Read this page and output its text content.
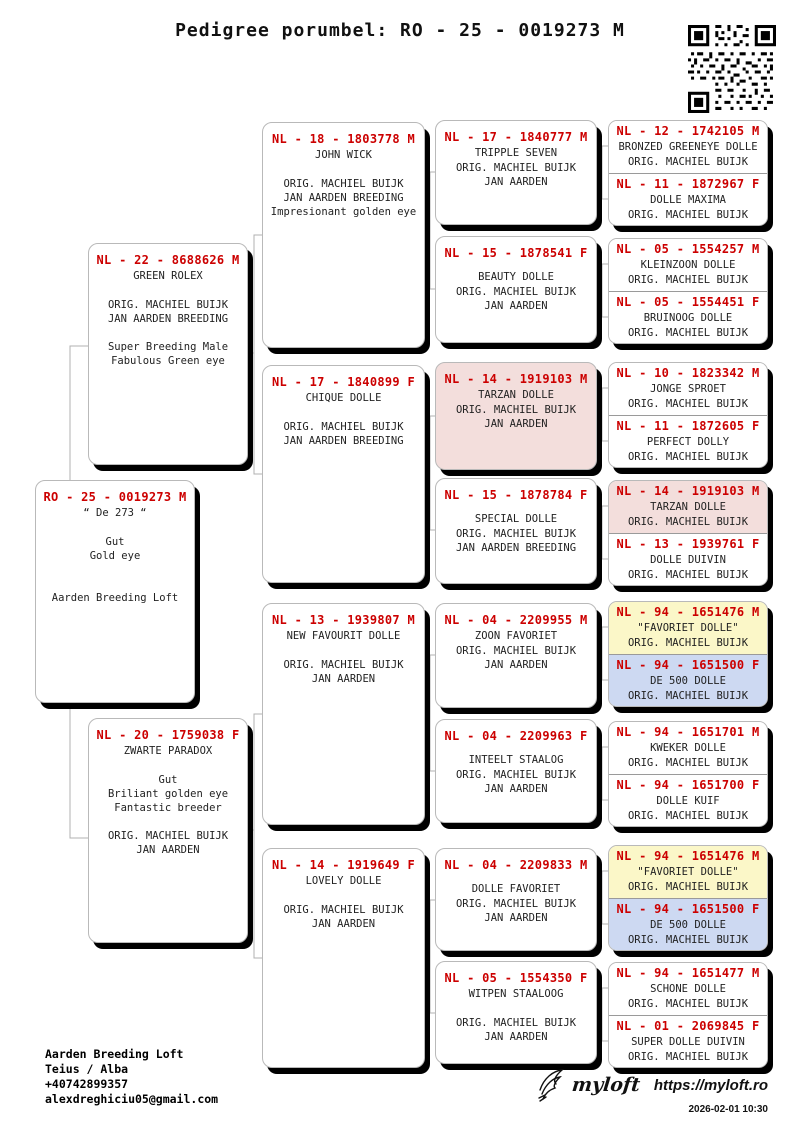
Pedigree porumbel: RO - 25 - 0019273 M
NL - 22 - 8688626 M
GREEN ROLEX
ORIG. MACHIEL BUIJK
JAN AARDEN BREEDING
Super Breeding Male
Fabulous Green eye
RO - 25 - 0019273 M
“ De 273 “
Gut
Gold eye
Aarden Breeding Loft
NL - 20 - 1759038 F
ZWARTE PARADOX
Gut
Briliant golden eye
Fantastic breeder
ORIG. MACHIEL BUIJK
JAN AARDEN
NL - 18 - 1803778 M
JOHN WICK
ORIG. MACHIEL BUIJK
JAN AARDEN BREEDING
Impresionant golden eye
NL - 17 - 1840899 F
CHIQUE DOLLE
ORIG. MACHIEL BUIJK
JAN AARDEN BREEDING
NL - 13 - 1939807 M
NEW FAVOURIT DOLLE
ORIG. MACHIEL BUIJK
JAN AARDEN
NL - 14 - 1919649 F
LOVELY DOLLE
ORIG. MACHIEL BUIJK
JAN AARDEN
NL - 17 - 1840777 M
TRIPPLE SEVEN
ORIG. MACHIEL BUIJK
JAN AARDEN
NL - 15 - 1878541 F
BEAUTY DOLLE
ORIG. MACHIEL BUIJK
JAN AARDEN
NL - 14 - 1919103 M
TARZAN DOLLE
ORIG. MACHIEL BUIJK
JAN AARDEN
NL - 15 - 1878784 F
SPECIAL DOLLE
ORIG. MACHIEL BUIJK
JAN AARDEN BREEDING
NL - 04 - 2209955 M
ZOON FAVORIET
ORIG. MACHIEL BUIJK
JAN AARDEN
NL - 04 - 2209963 F
INTEELT STAALOG
ORIG. MACHIEL BUIJK
JAN AARDEN
NL - 04 - 2209833 M
DOLLE FAVORIET
ORIG. MACHIEL BUIJK
JAN AARDEN
NL - 05 - 1554350 F
WITPEN STAALOOG
ORIG. MACHIEL BUIJK
JAN AARDEN
NL - 12 - 1742105 M
BRONZED GREENEYE DOLLE
ORIG. MACHIEL BUIJK
NL - 11 - 1872967 F
DOLLE MAXIMA
ORIG. MACHIEL BUIJK
NL - 05 - 1554257 M
KLEINZOON DOLLE
ORIG. MACHIEL BUIJK
NL - 05 - 1554451 F
BRUINOOG DOLLE
ORIG. MACHIEL BUIJK
NL - 10 - 1823342 M
JONGE SPROET
ORIG. MACHIEL BUIJK
NL - 11 - 1872605 F
PERFECT DOLLY
ORIG. MACHIEL BUIJK
NL - 14 - 1919103 M
TARZAN DOLLE
ORIG. MACHIEL BUIJK
NL - 13 - 1939761 F
DOLLE DUIVIN
ORIG. MACHIEL BUIJK
NL - 94 - 1651476 M
"FAVORIET DOLLE"
ORIG. MACHIEL BUIJK
NL - 94 - 1651500 F
DE 500 DOLLE
ORIG. MACHIEL BUIJK
NL - 94 - 1651701 M
KWEKER DOLLE
ORIG. MACHIEL BUIJK
NL - 94 - 1651700 F
DOLLE KUIF
ORIG. MACHIEL BUIJK
NL - 94 - 1651476 M
"FAVORIET DOLLE"
ORIG. MACHIEL BUIJK
NL - 94 - 1651500 F
DE 500 DOLLE
ORIG. MACHIEL BUIJK
NL - 94 - 1651477 M
SCHONE DOLLE
ORIG. MACHIEL BUIJK
NL - 01 - 2069845 F
SUPER DOLLE DUIVIN
ORIG. MACHIEL BUIJK
Aarden Breeding Loft
Teius / Alba
+40742899357
alexdreghiciu05@gmail.com
myloft https://myloft.ro
2026-02-01 10:30
